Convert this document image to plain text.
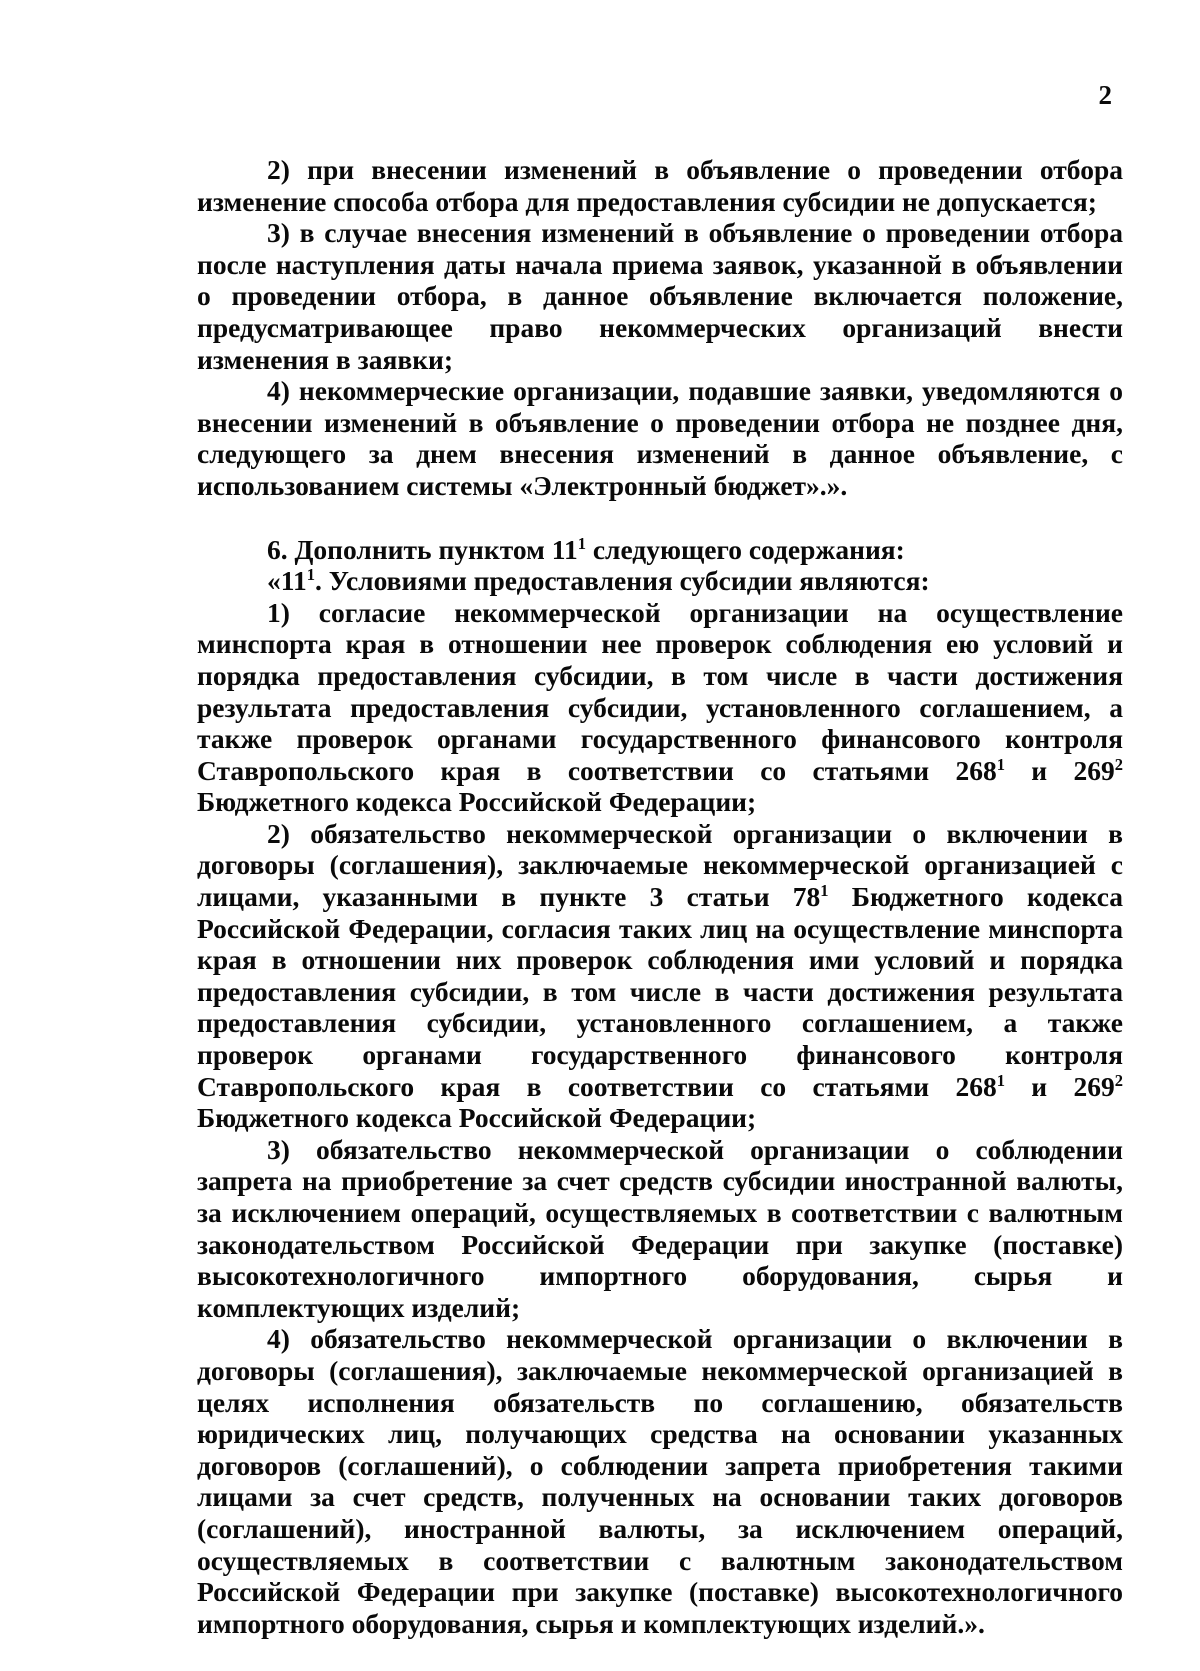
2

2) при внесении изменений в объявление о проведении отбора изменение способа отбора для предоставления субсидии не допускается;

3) в случае внесения изменений в объявление о проведении отбора после наступления даты начала приема заявок, указанной в объявлении о проведении отбора, в данное объявление включается положение, предусматривающее право некоммерческих организаций внести изменения в заявки;

4) некоммерческие организации, подавшие заявки, уведомляются о внесении изменений в объявление о проведении отбора не позднее дня, следующего за днем внесения изменений в данное объявление, с использованием системы «Электронный бюджет».».

6. Дополнить пунктом $11^1$ следующего содержания:

«$11^1$. Условиями предоставления субсидии являются:

1) согласие некоммерческой организации на осуществление минспорта края в отношении нее проверок соблюдения ею условий и порядка предоставления субсидии, в том числе в части достижения результата предоставления субсидии, установленного соглашением, а также проверок органами государственного финансового контроля Ставропольского края в соответствии со статьями $268^1$ и $269^2$ Бюджетного кодекса Российской Федерации;

2) обязательство некоммерческой организации о включении в договоры (соглашения), заключаемые некоммерческой организацией с лицами, указанными в пункте 3 статьи $78^1$ Бюджетного кодекса Российской Федерации, согласия таких лиц на осуществление минспорта края в отношении них проверок соблюдения ими условий и порядка предоставления субсидии, в том числе в части достижения результата предоставления субсидии, установленного соглашением, а также проверок органами государственного финансового контроля Ставропольского края в соответствии со статьями $268^1$ и $269^2$ Бюджетного кодекса Российской Федерации;

3) обязательство некоммерческой организации о соблюдении запрета на приобретение за счет средств субсидии иностранной валюты, за исключением операций, осуществляемых в соответствии с валютным законодательством Российской Федерации при закупке (поставке) высокотехнологичного импортного оборудования, сырья и комплектующих изделий;

4) обязательство некоммерческой организации о включении в договоры (соглашения), заключаемые некоммерческой организацией в целях исполнения обязательств по соглашению, обязательств юридических лиц, получающих средства на основании указанных договоров (соглашений), о соблюдении запрета приобретения такими лицами за счет средств, полученных на основании таких договоров (соглашений), иностранной валюты, за исключением операций, осуществляемых в соответствии с валютным законодательством Российской Федерации при закупке (поставке) высокотехнологичного импортного оборудования, сырья и комплектующих изделий.».
